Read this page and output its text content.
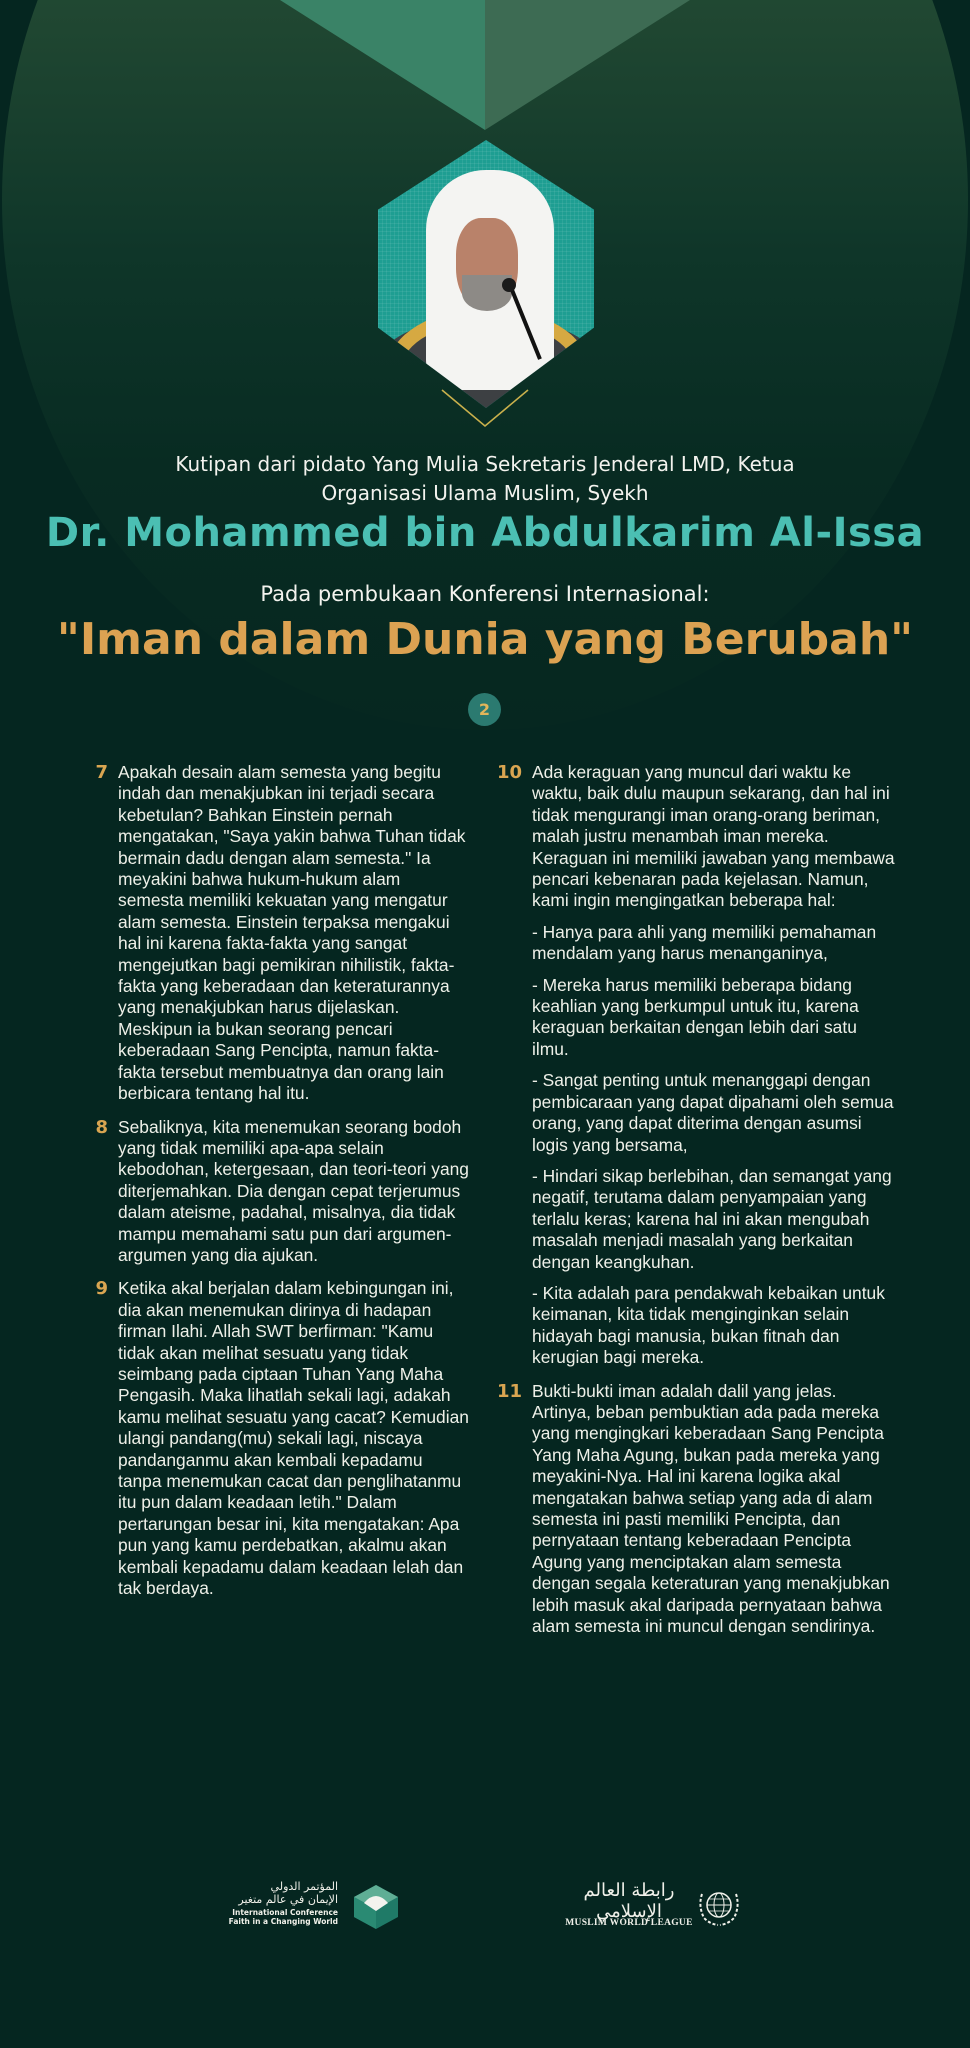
Kutipan dari pidato Yang Mulia Sekretaris Jenderal LMD, Ketua
Organisasi Ulama Muslim, Syekh
Dr. Mohammed bin Abdulkarim Al-Issa
Pada pembukaan Konferensi Internasional:
"Iman dalam Dunia yang Berubah"
2
7 Apakah desain alam semesta yang begitu indah dan menakjubkan ini terjadi secara kebetulan? Bahkan Einstein pernah mengatakan, "Saya yakin bahwa Tuhan tidak bermain dadu dengan alam semesta." Ia meyakini bahwa hukum-hukum alam semesta memiliki kekuatan yang mengatur alam semesta. Einstein terpaksa mengakui hal ini karena fakta-fakta yang sangat mengejutkan bagi pemikiran nihilistik, fakta-fakta yang keberadaan dan keteraturannya yang menakjubkan harus dijelaskan. Meskipun ia bukan seorang pencari keberadaan Sang Pencipta, namun fakta-fakta tersebut membuatnya dan orang lain berbicara tentang hal itu.

8 Sebaliknya, kita menemukan seorang bodoh yang tidak memiliki apa-apa selain kebodohan, ketergesaan, dan teori-teori yang diterjemahkan. Dia dengan cepat terjerumus dalam ateisme, padahal, misalnya, dia tidak mampu memahami satu pun dari argumen-argumen yang dia ajukan.

9 Ketika akal berjalan dalam kebingungan ini, dia akan menemukan dirinya di hadapan firman Ilahi. Allah SWT berfirman: "Kamu tidak akan melihat sesuatu yang tidak seimbang pada ciptaan Tuhan Yang Maha Pengasih. Maka lihatlah sekali lagi, adakah kamu melihat sesuatu yang cacat? Kemudian ulangi pandang(mu) sekali lagi, niscaya pandanganmu akan kembali kepadamu tanpa menemukan cacat dan penglihatanmu itu pun dalam keadaan letih." Dalam pertarungan besar ini, kita mengatakan: Apa pun yang kamu perdebatkan, akalmu akan kembali kepadamu dalam keadaan lelah dan tak berdaya.

10 Ada keraguan yang muncul dari waktu ke waktu, baik dulu maupun sekarang, dan hal ini tidak mengurangi iman orang-orang beriman, malah justru menambah iman mereka. Keraguan ini memiliki jawaban yang membawa pencari kebenaran pada kejelasan. Namun, kami ingin mengingatkan beberapa hal:

- Hanya para ahli yang memiliki pemahaman mendalam yang harus menanganinya,

- Mereka harus memiliki beberapa bidang keahlian yang berkumpul untuk itu, karena keraguan berkaitan dengan lebih dari satu ilmu.

- Sangat penting untuk menanggapi dengan pembicaraan yang dapat dipahami oleh semua orang, yang dapat diterima dengan asumsi logis yang bersama,

- Hindari sikap berlebihan, dan semangat yang negatif, terutama dalam penyampaian yang terlalu keras; karena hal ini akan mengubah masalah menjadi masalah yang berkaitan dengan keangkuhan.

- Kita adalah para pendakwah kebaikan untuk keimanan, kita tidak menginginkan selain hidayah bagi manusia, bukan fitnah dan kerugian bagi mereka.

11 Bukti-bukti iman adalah dalil yang jelas. Artinya, beban pembuktian ada pada mereka yang mengingkari keberadaan Sang Pencipta Yang Maha Agung, bukan pada mereka yang meyakini-Nya. Hal ini karena logika akal mengatakan bahwa setiap yang ada di alam semesta ini pasti memiliki Pencipta, dan pernyataan tentang keberadaan Pencipta Agung yang menciptakan alam semesta dengan segala keteraturan yang menakjubkan lebih masuk akal daripada pernyataan bahwa alam semesta ini muncul dengan sendirinya.

المؤتمر الدولي
الإيمان في عالم متغير
International Conference
Faith in a Changing World
رابطة العالم الإسلامي
MUSLIM WORLD LEAGUE
